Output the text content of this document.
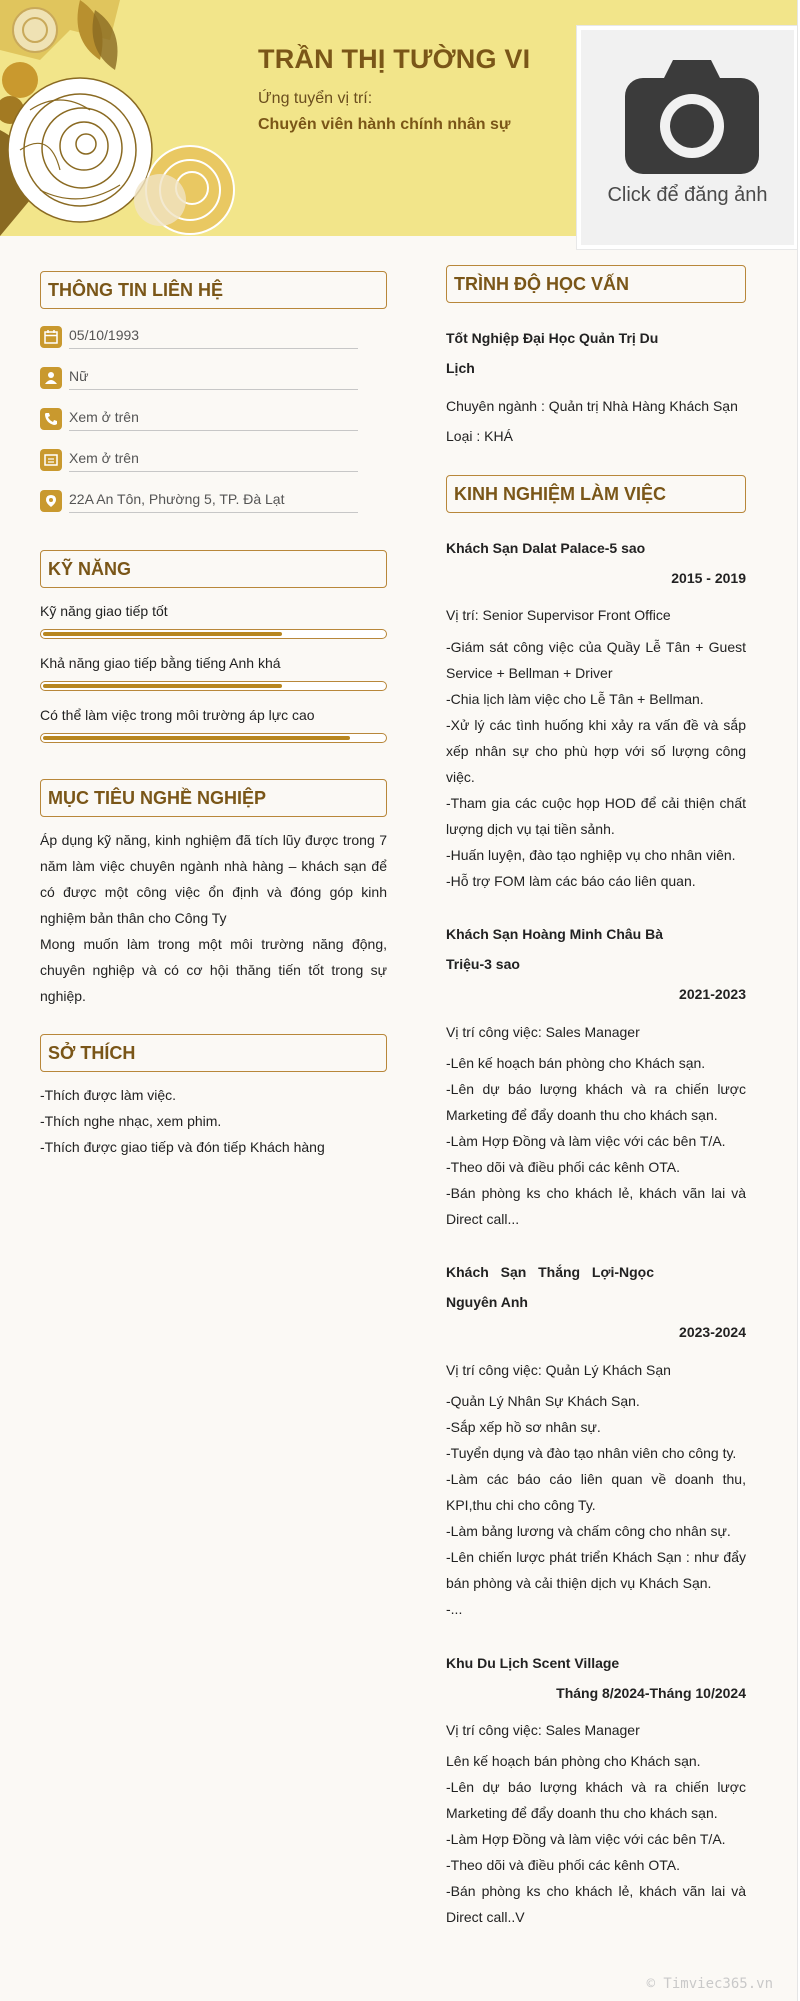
TRẦN THỊ TƯỜNG VI
Ứng tuyển vị trí:
Chuyên viên hành chính nhân sự
Click để đăng ảnh
THÔNG TIN LIÊN HỆ
05/10/1993
Nữ
Xem ở trên
Xem ở trên
22A An Tôn, Phường 5, TP. Đà Lạt
KỸ NĂNG
Kỹ năng giao tiếp tốt
Khả năng giao tiếp bằng tiếng Anh khá
Có thể làm việc trong môi trường áp lực cao
MỤC TIÊU NGHỀ NGHIỆP
Áp dụng kỹ năng, kinh nghiệm đã tích lũy được trong 7 năm làm việc chuyên ngành nhà hàng – khách sạn để có được một công việc ổn định và đóng góp kinh nghiệm bản thân cho Công Ty
Mong muốn làm trong một môi trường năng động, chuyên nghiệp và có cơ hội thăng tiến tốt trong sự nghiệp.
SỞ THÍCH
-Thích được làm việc.
-Thích nghe nhạc, xem phim.
-Thích được giao tiếp và đón tiếp Khách hàng
TRÌNH ĐỘ HỌC VẤN
Tốt Nghiệp Đại Học Quản Trị Du
Lịch
Chuyên ngành : Quản trị Nhà Hàng Khách Sạn
Loại : KHÁ
KINH NGHIỆM LÀM VIỆC
Khách Sạn Dalat Palace-5 sao
2015 - 2019
Vị trí: Senior Supervisor Front Office
-Giám sát công việc của Quầy Lễ Tân + Guest Service + Bellman + Driver
-Chia lịch làm việc cho Lễ Tân + Bellman.
-Xử lý các tình huống khi xảy ra vấn đề và sắp xếp nhân sự cho phù hợp với số lượng công việc.
-Tham gia các cuộc họp HOD để cải thiện chất lượng dịch vụ tại tiền sảnh.
-Huấn luyện, đào tạo nghiệp vụ cho nhân viên.
-Hỗ trợ FOM làm các báo cáo liên quan.
Khách Sạn Hoàng Minh Châu Bà
Triệu-3 sao
2021-2023
Vị trí công việc: Sales Manager
-Lên kế hoạch bán phòng cho Khách sạn.
-Lên dự báo lượng khách và ra chiến lược Marketing để đẩy doanh thu cho khách sạn.
-Làm Hợp Đồng và làm việc với các bên T/A.
-Theo dõi và điều phối các kênh OTA.
-Bán phòng ks cho khách lẻ, khách vãn lai và Direct call...
Khách Sạn Thắng Lợi-Ngọc
Nguyên Anh
2023-2024
Vị trí công việc: Quản Lý Khách Sạn
-Quản Lý Nhân Sự Khách Sạn.
-Sắp xếp hồ sơ nhân sự.
-Tuyển dụng và đào tạo nhân viên cho công ty.
-Làm các báo cáo liên quan về doanh thu, KPI,thu chi cho công Ty.
-Làm bảng lương và chấm công cho nhân sự.
-Lên chiến lược phát triển Khách Sạn : như đẩy bán phòng và cải thiện dịch vụ Khách Sạn.
-...
Khu Du Lịch Scent Village
Tháng 8/2024-Tháng 10/2024
Vị trí công việc: Sales Manager
Lên kế hoạch bán phòng cho Khách sạn.
-Lên dự báo lượng khách và ra chiến lược Marketing để đẩy doanh thu cho khách sạn.
-Làm Hợp Đồng và làm việc với các bên T/A.
-Theo dõi và điều phối các kênh OTA.
-Bán phòng ks cho khách lẻ, khách vãn lai và Direct call..V
© Timviec365.vn
